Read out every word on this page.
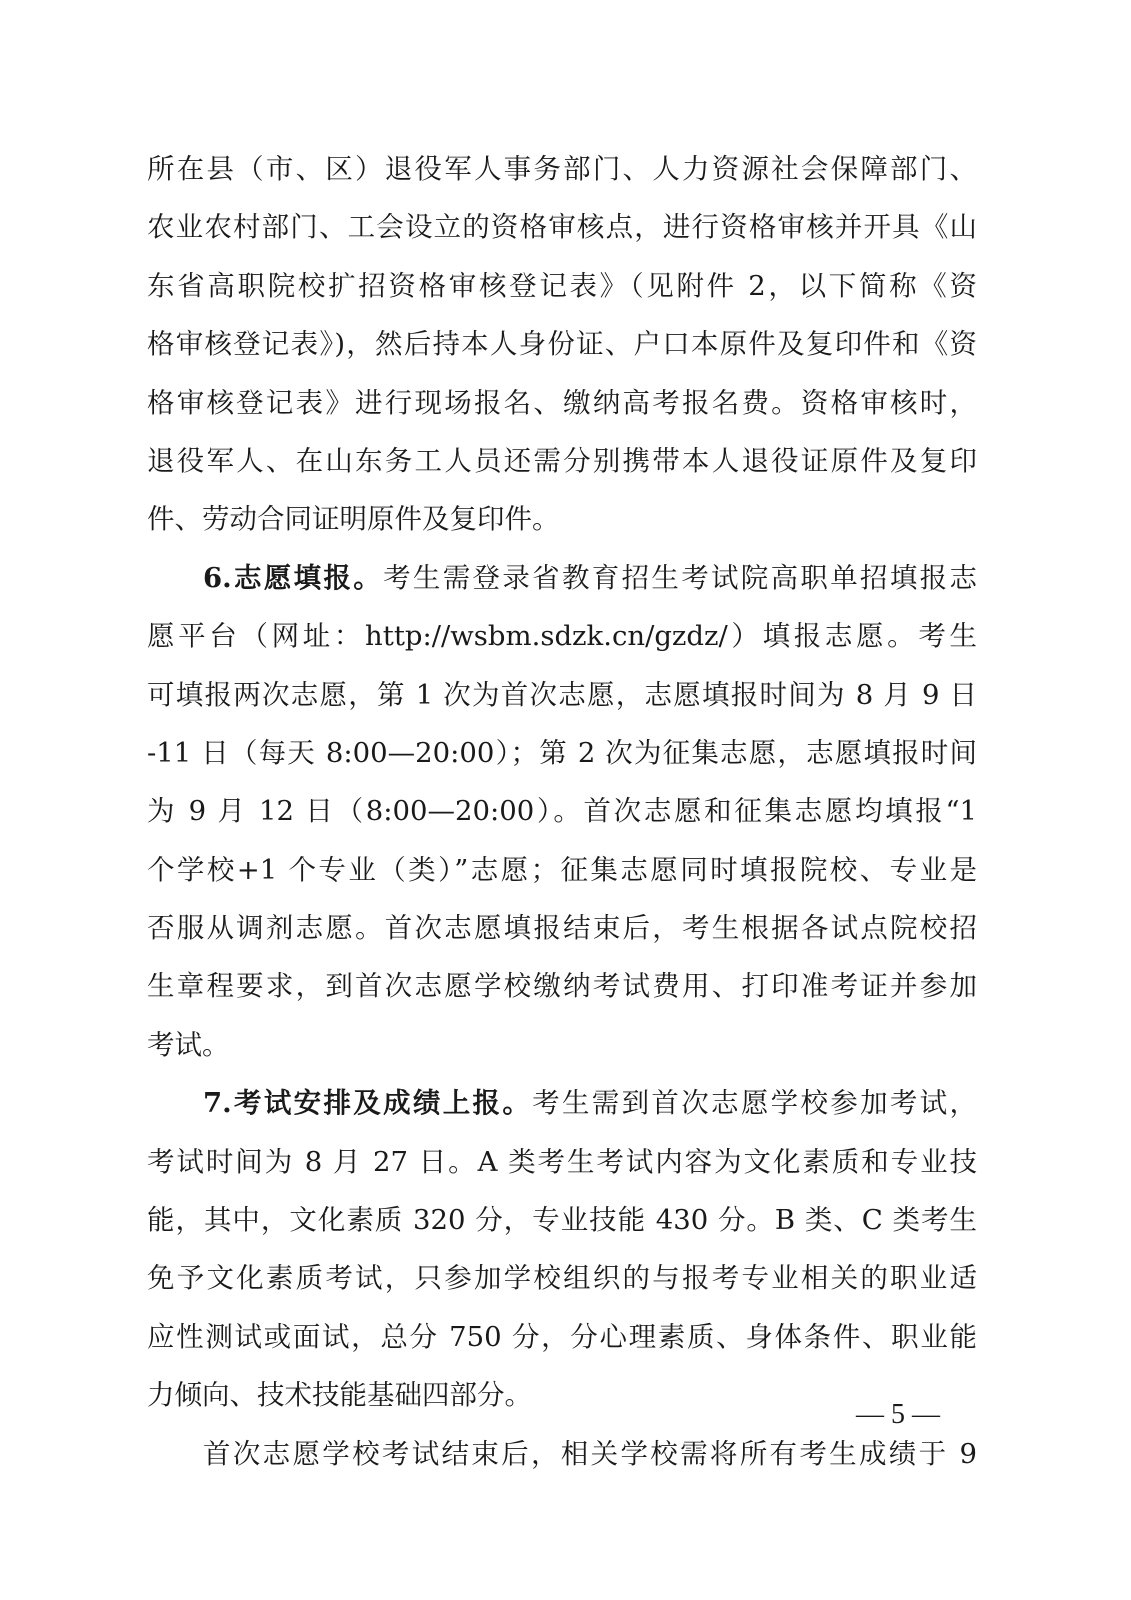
所在县（市、区）退役军人事务部门、人力资源社会保障部门、
农业农村部门、工会设立的资格审核点，进行资格审核并开具《山
东省高职院校扩招资格审核登记表》（见附件 2，以下简称《资
格审核登记表》)，然后持本人身份证、户口本原件及复印件和《资
格审核登记表》进行现场报名、缴纳高考报名费。资格审核时，
退役军人、在山东务工人员还需分别携带本人退役证原件及复印
件、劳动合同证明原件及复印件。
6.志愿填报。考生需登录省教育招生考试院高职单招填报志
愿平台（网址：http://wsbm.sdzk.cn/gzdz/）填报志愿。考生
可填报两次志愿，第 1 次为首次志愿，志愿填报时间为 8 月 9 日
-11 日（每天 8:00—20:00）；第 2 次为征集志愿，志愿填报时间
为 9 月 12 日（8:00—20:00）。首次志愿和征集志愿均填报“1
个学校+1 个专业（类）”志愿；征集志愿同时填报院校、专业是
否服从调剂志愿。首次志愿填报结束后，考生根据各试点院校招
生章程要求，到首次志愿学校缴纳考试费用、打印准考证并参加
考试。
7.考试安排及成绩上报。考生需到首次志愿学校参加考试，
考试时间为 8 月 27 日。A 类考生考试内容为文化素质和专业技
能，其中，文化素质 320 分，专业技能 430 分。B 类、C 类考生
免予文化素质考试，只参加学校组织的与报考专业相关的职业适
应性测试或面试，总分 750 分，分心理素质、身体条件、职业能
力倾向、技术技能基础四部分。
首次志愿学校考试结束后，相关学校需将所有考生成绩于 9
— 5 —
